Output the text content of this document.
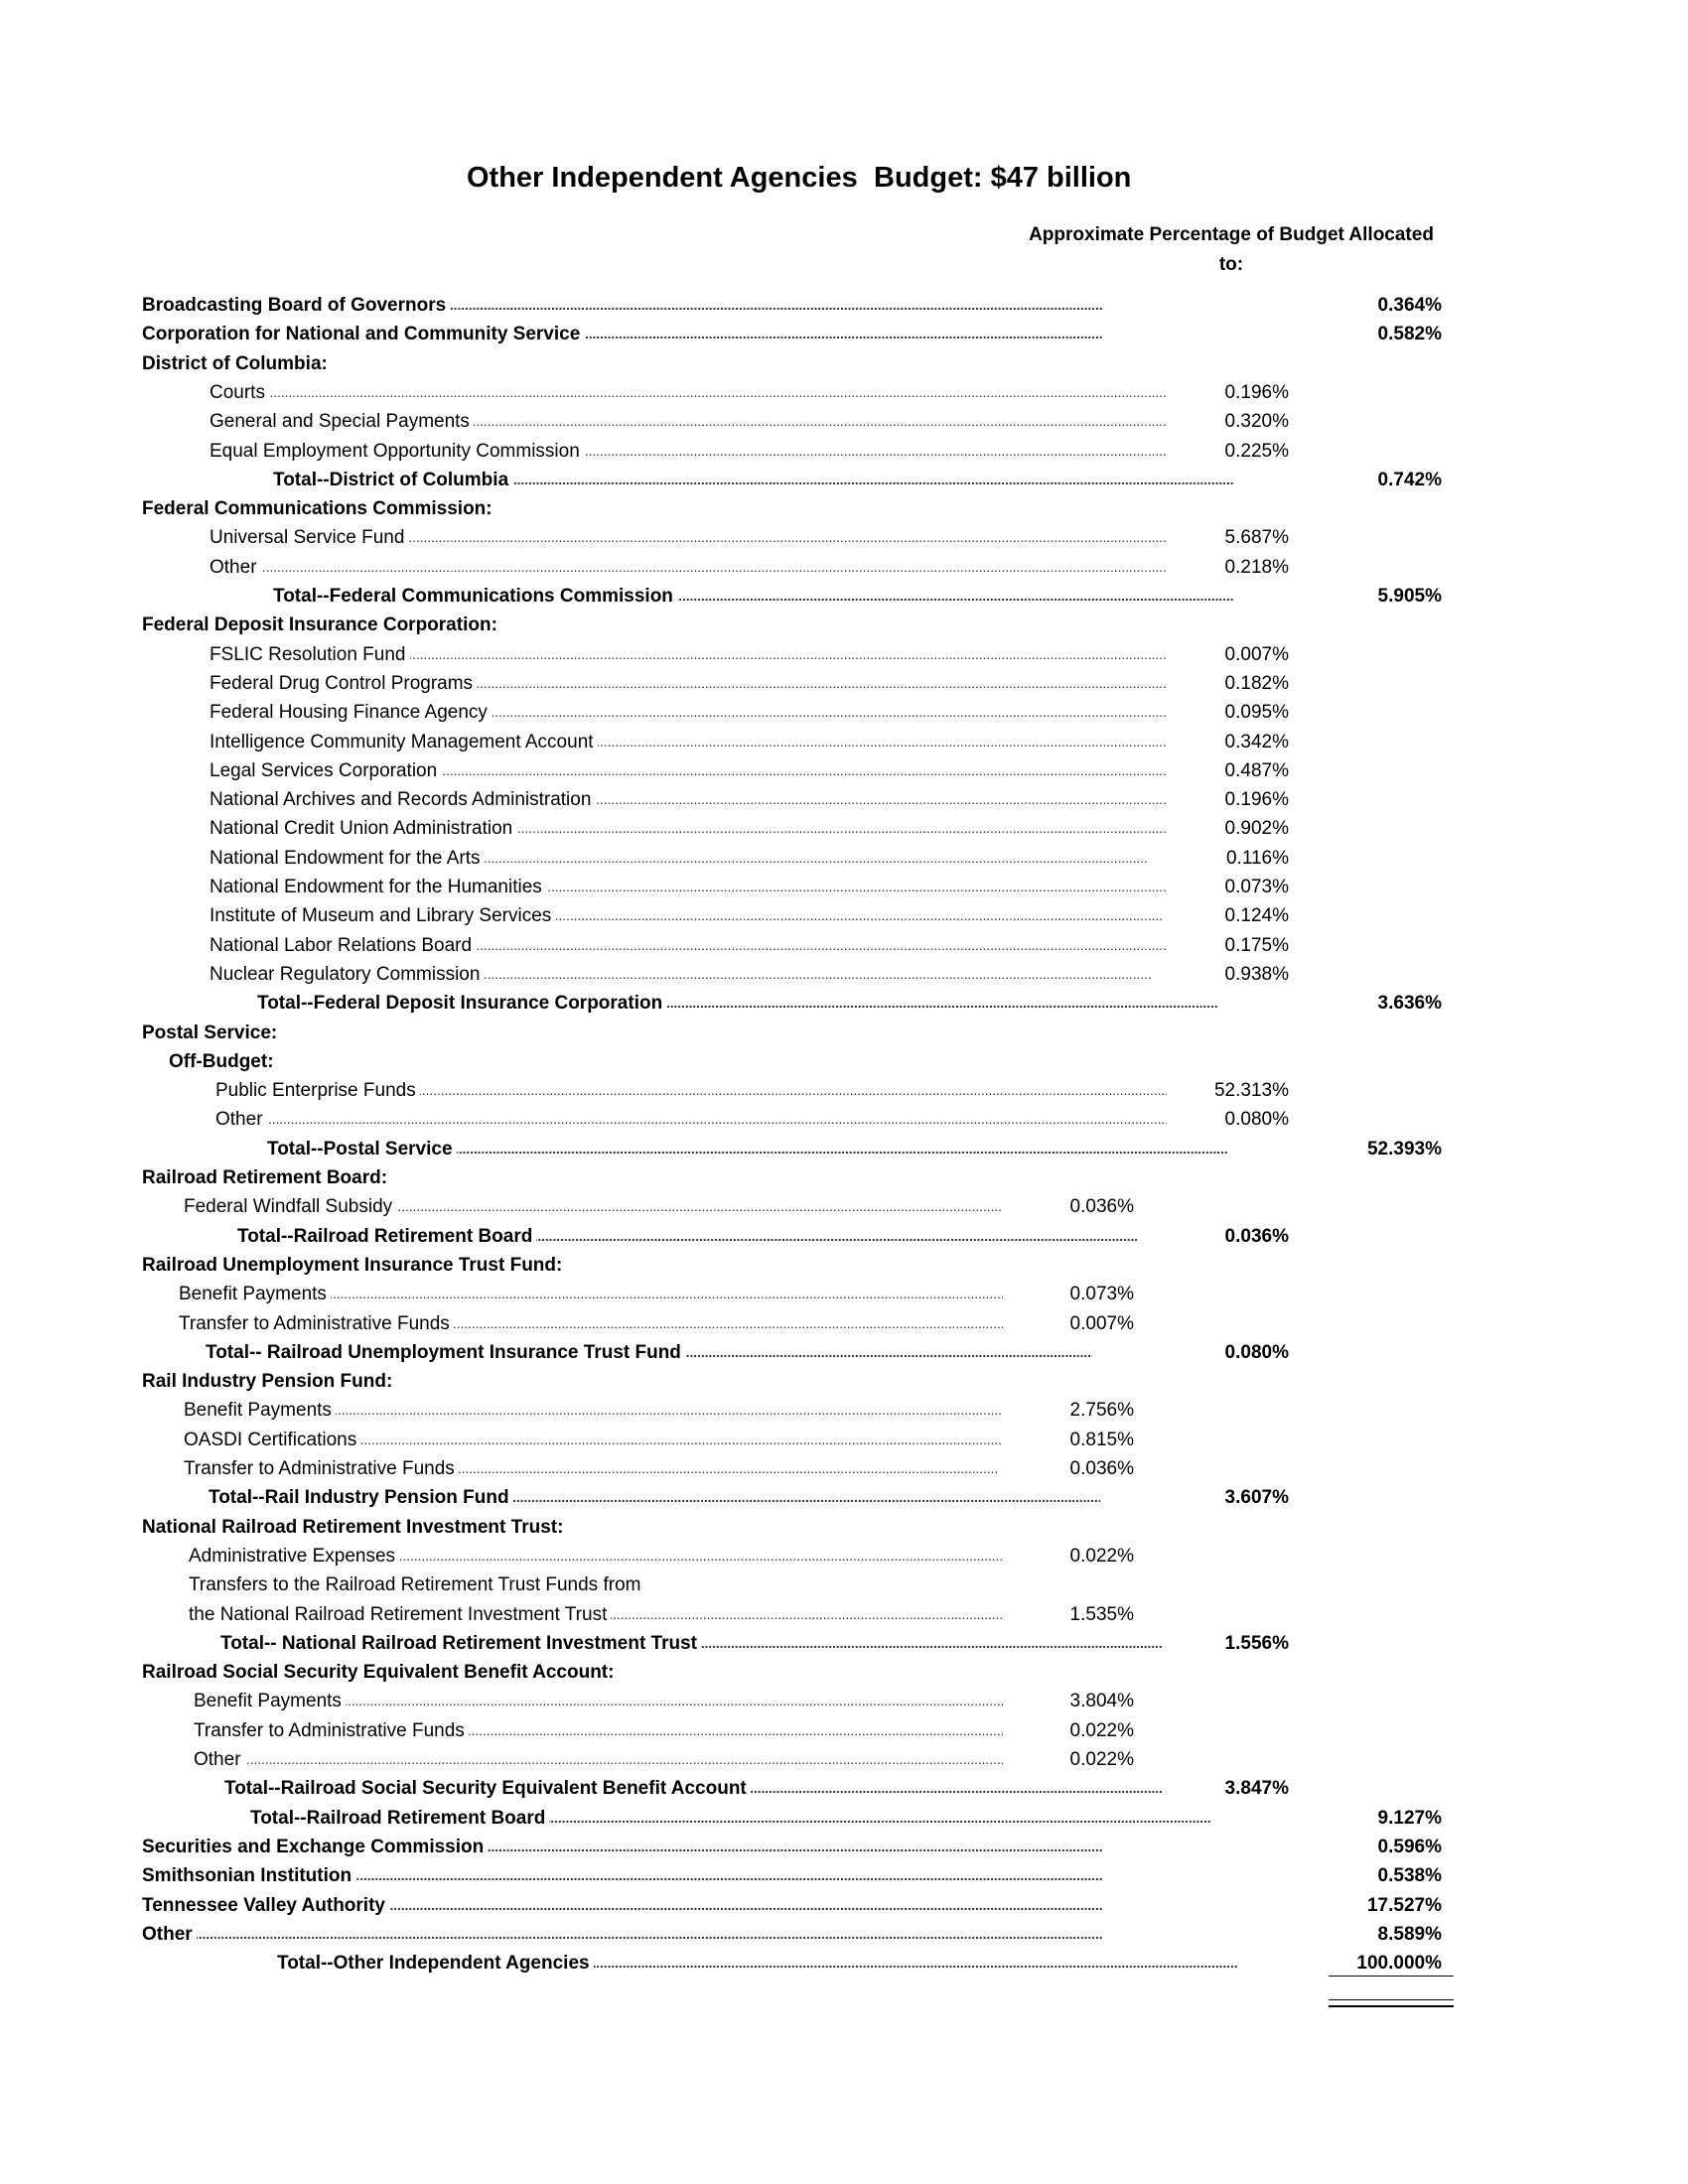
Other Independent Agencies Budget: $47 billion
Approximate Percentage of Budget Allocated
to:
Broadcasting Board of Governors . . .	0.364%
Corporation for National and Community Service . . .	0.582%
District of Columbia:
Courts . . .	0.196%
General and Special Payments . . .	0.320%
Equal Employment Opportunity Commission . . .	0.225%
Total--District of Columbia . . .	0.742%
Federal Communications Commission:
Universal Service Fund . . .	5.687%
Other . . .	0.218%
Total--Federal Communications Commission . . .	5.905%
Federal Deposit Insurance Corporation:
FSLIC Resolution Fund . . .	0.007%
Federal Drug Control Programs . . .	0.182%
Federal Housing Finance Agency . . .	0.095%
Intelligence Community Management Account . . .	0.342%
Legal Services Corporation . . .	0.487%
National Archives and Records Administration . . .	0.196%
National Credit Union Administration . . .	0.902%
National Endowment for the Arts . . .	0.116%
National Endowment for the Humanities . . .	0.073%
Institute of Museum and Library Services . . .	0.124%
National Labor Relations Board . . .	0.175%
Nuclear Regulatory Commission . . .	0.938%
Total--Federal Deposit Insurance Corporation . . .	3.636%
Postal Service:
Off-Budget:
Public Enterprise Funds . . .	52.313%
Other . . .	0.080%
Total--Postal Service . . .	52.393%
Railroad Retirement Board:
Federal Windfall Subsidy . . .	0.036%
Total--Railroad Retirement Board . . .	0.036%
Railroad Unemployment Insurance Trust Fund:
Benefit Payments . . .	0.073%
Transfer to Administrative Funds . . .	0.007%
Total-- Railroad Unemployment Insurance Trust Fund . . .	0.080%
Rail Industry Pension Fund:
Benefit Payments . . .	2.756%
OASDI Certifications . . .	0.815%
Transfer to Administrative Funds . . .	0.036%
Total--Rail Industry Pension Fund . . .	3.607%
National Railroad Retirement Investment Trust:
Administrative Expenses . . .	0.022%
Transfers to the Railroad Retirement Trust Funds from
the National Railroad Retirement Investment Trust . . .	1.535%
Total-- National Railroad Retirement Investment Trust . . .	1.556%
Railroad Social Security Equivalent Benefit Account:
Benefit Payments . . .	3.804%
Transfer to Administrative Funds . . .	0.022%
Other . . .	0.022%
Total--Railroad Social Security Equivalent Benefit Account . . .	3.847%
Total--Railroad Retirement Board . . .	9.127%
Securities and Exchange Commission . . .	0.596%
Smithsonian Institution . . .	0.538%
Tennessee Valley Authority . . .	17.527%
Other . . .	8.589%
Total--Other Independent Agencies . . .	100.000%
